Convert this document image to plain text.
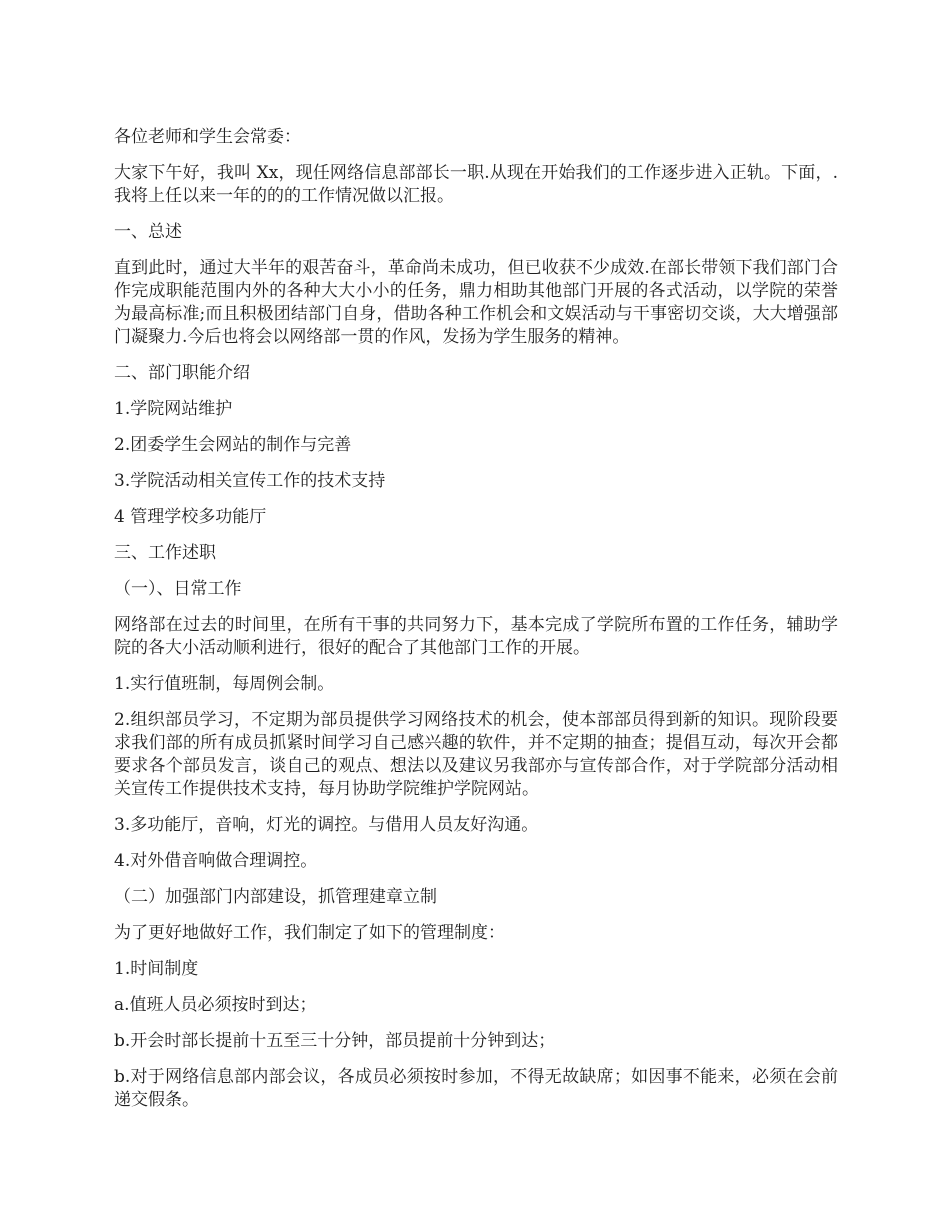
各位老师和学生会常委：

大家下午好，我叫 Xx，现任网络信息部部长一职.从现在开始我们的工作逐步进入正轨。下面，.我将上任以来一年的的的工作情况做以汇报。

一、总述

直到此时，通过大半年的艰苦奋斗，革命尚未成功，但已收获不少成效.在部长带领下我们部门合作完成职能范围内外的各种大大小小的任务，鼎力相助其他部门开展的各式活动，以学院的荣誉为最高标准;而且积极团结部门自身，借助各种工作机会和文娱活动与干事密切交谈，大大增强部门凝聚力.今后也将会以网络部一贯的作风，发扬为学生服务的精神。

二、部门职能介绍

1.学院网站维护

2.团委学生会网站的制作与完善

3.学院活动相关宣传工作的技术支持

4 管理学校多功能厅

三、工作述职

（一）、日常工作

网络部在过去的时间里，在所有干事的共同努力下，基本完成了学院所布置的工作任务，辅助学院的各大小活动顺利进行，很好的配合了其他部门工作的开展。

1.实行值班制，每周例会制。

2.组织部员学习，不定期为部员提供学习网络技术的机会，使本部部员得到新的知识。现阶段要求我们部的所有成员抓紧时间学习自己感兴趣的软件，并不定期的抽查；提倡互动，每次开会都要求各个部员发言，谈自己的观点、想法以及建议另我部亦与宣传部合作，对于学院部分活动相关宣传工作提供技术支持，每月协助学院维护学院网站。

3.多功能厅，音响，灯光的调控。与借用人员友好沟通。

4.对外借音响做合理调控。

（二）加强部门内部建设，抓管理建章立制

为了更好地做好工作，我们制定了如下的管理制度：

1.时间制度

a.值班人员必须按时到达；

b.开会时部长提前十五至三十分钟，部员提前十分钟到达；

b.对于网络信息部内部会议，各成员必须按时参加，不得无故缺席；如因事不能来，必须在会前递交假条。
